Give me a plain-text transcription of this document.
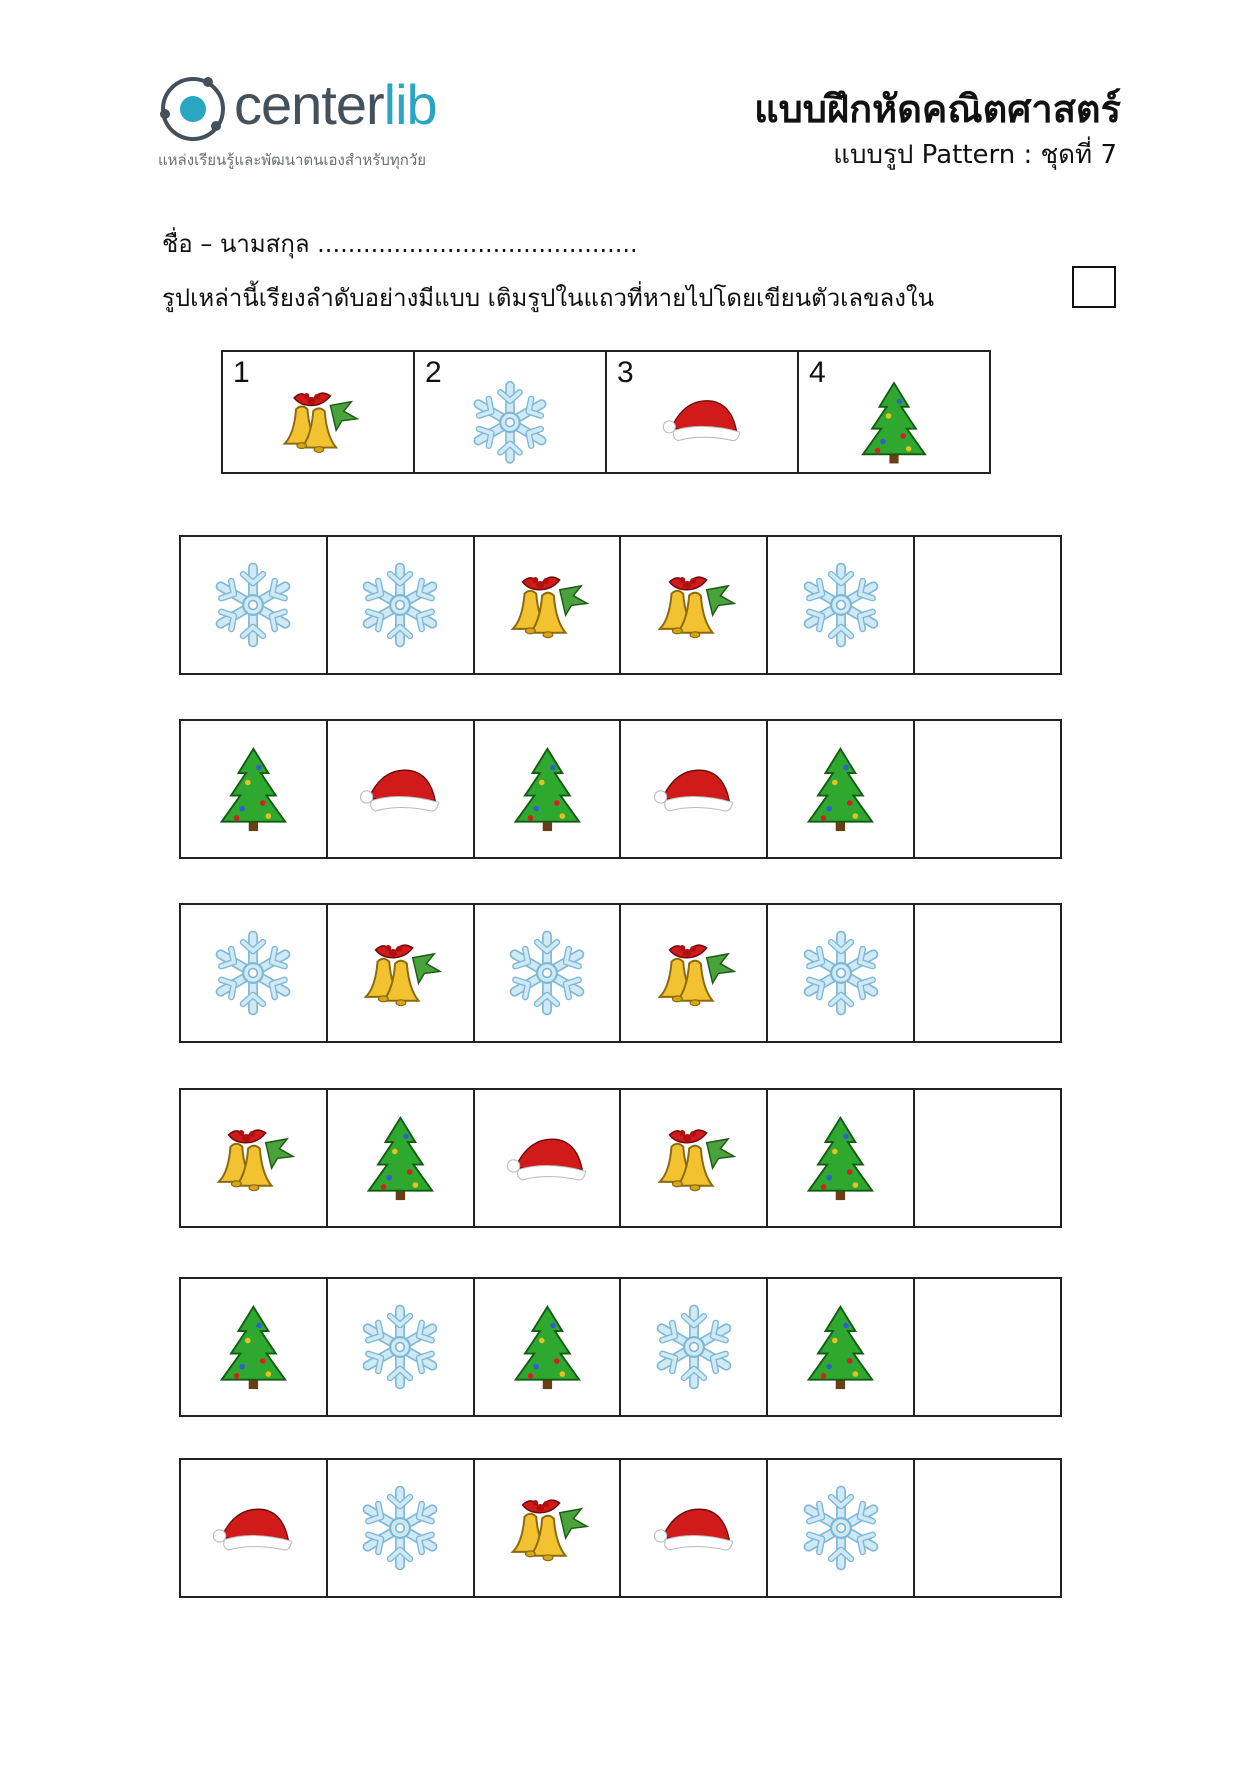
centerlib
แหล่งเรียนรู้และพัฒนาตนเองสำหรับทุกวัย
แบบฝึกหัดคณิตศาสตร์
แบบรูป Pattern : ชุดที่ 7
ชื่อ – นามสกุล ..........................................
รูปเหล่านี้เรียงลำดับอย่างมีแบบ เติมรูปในแถวที่หายไปโดยเขียนตัวเลขลงใน
1	2	3	4
